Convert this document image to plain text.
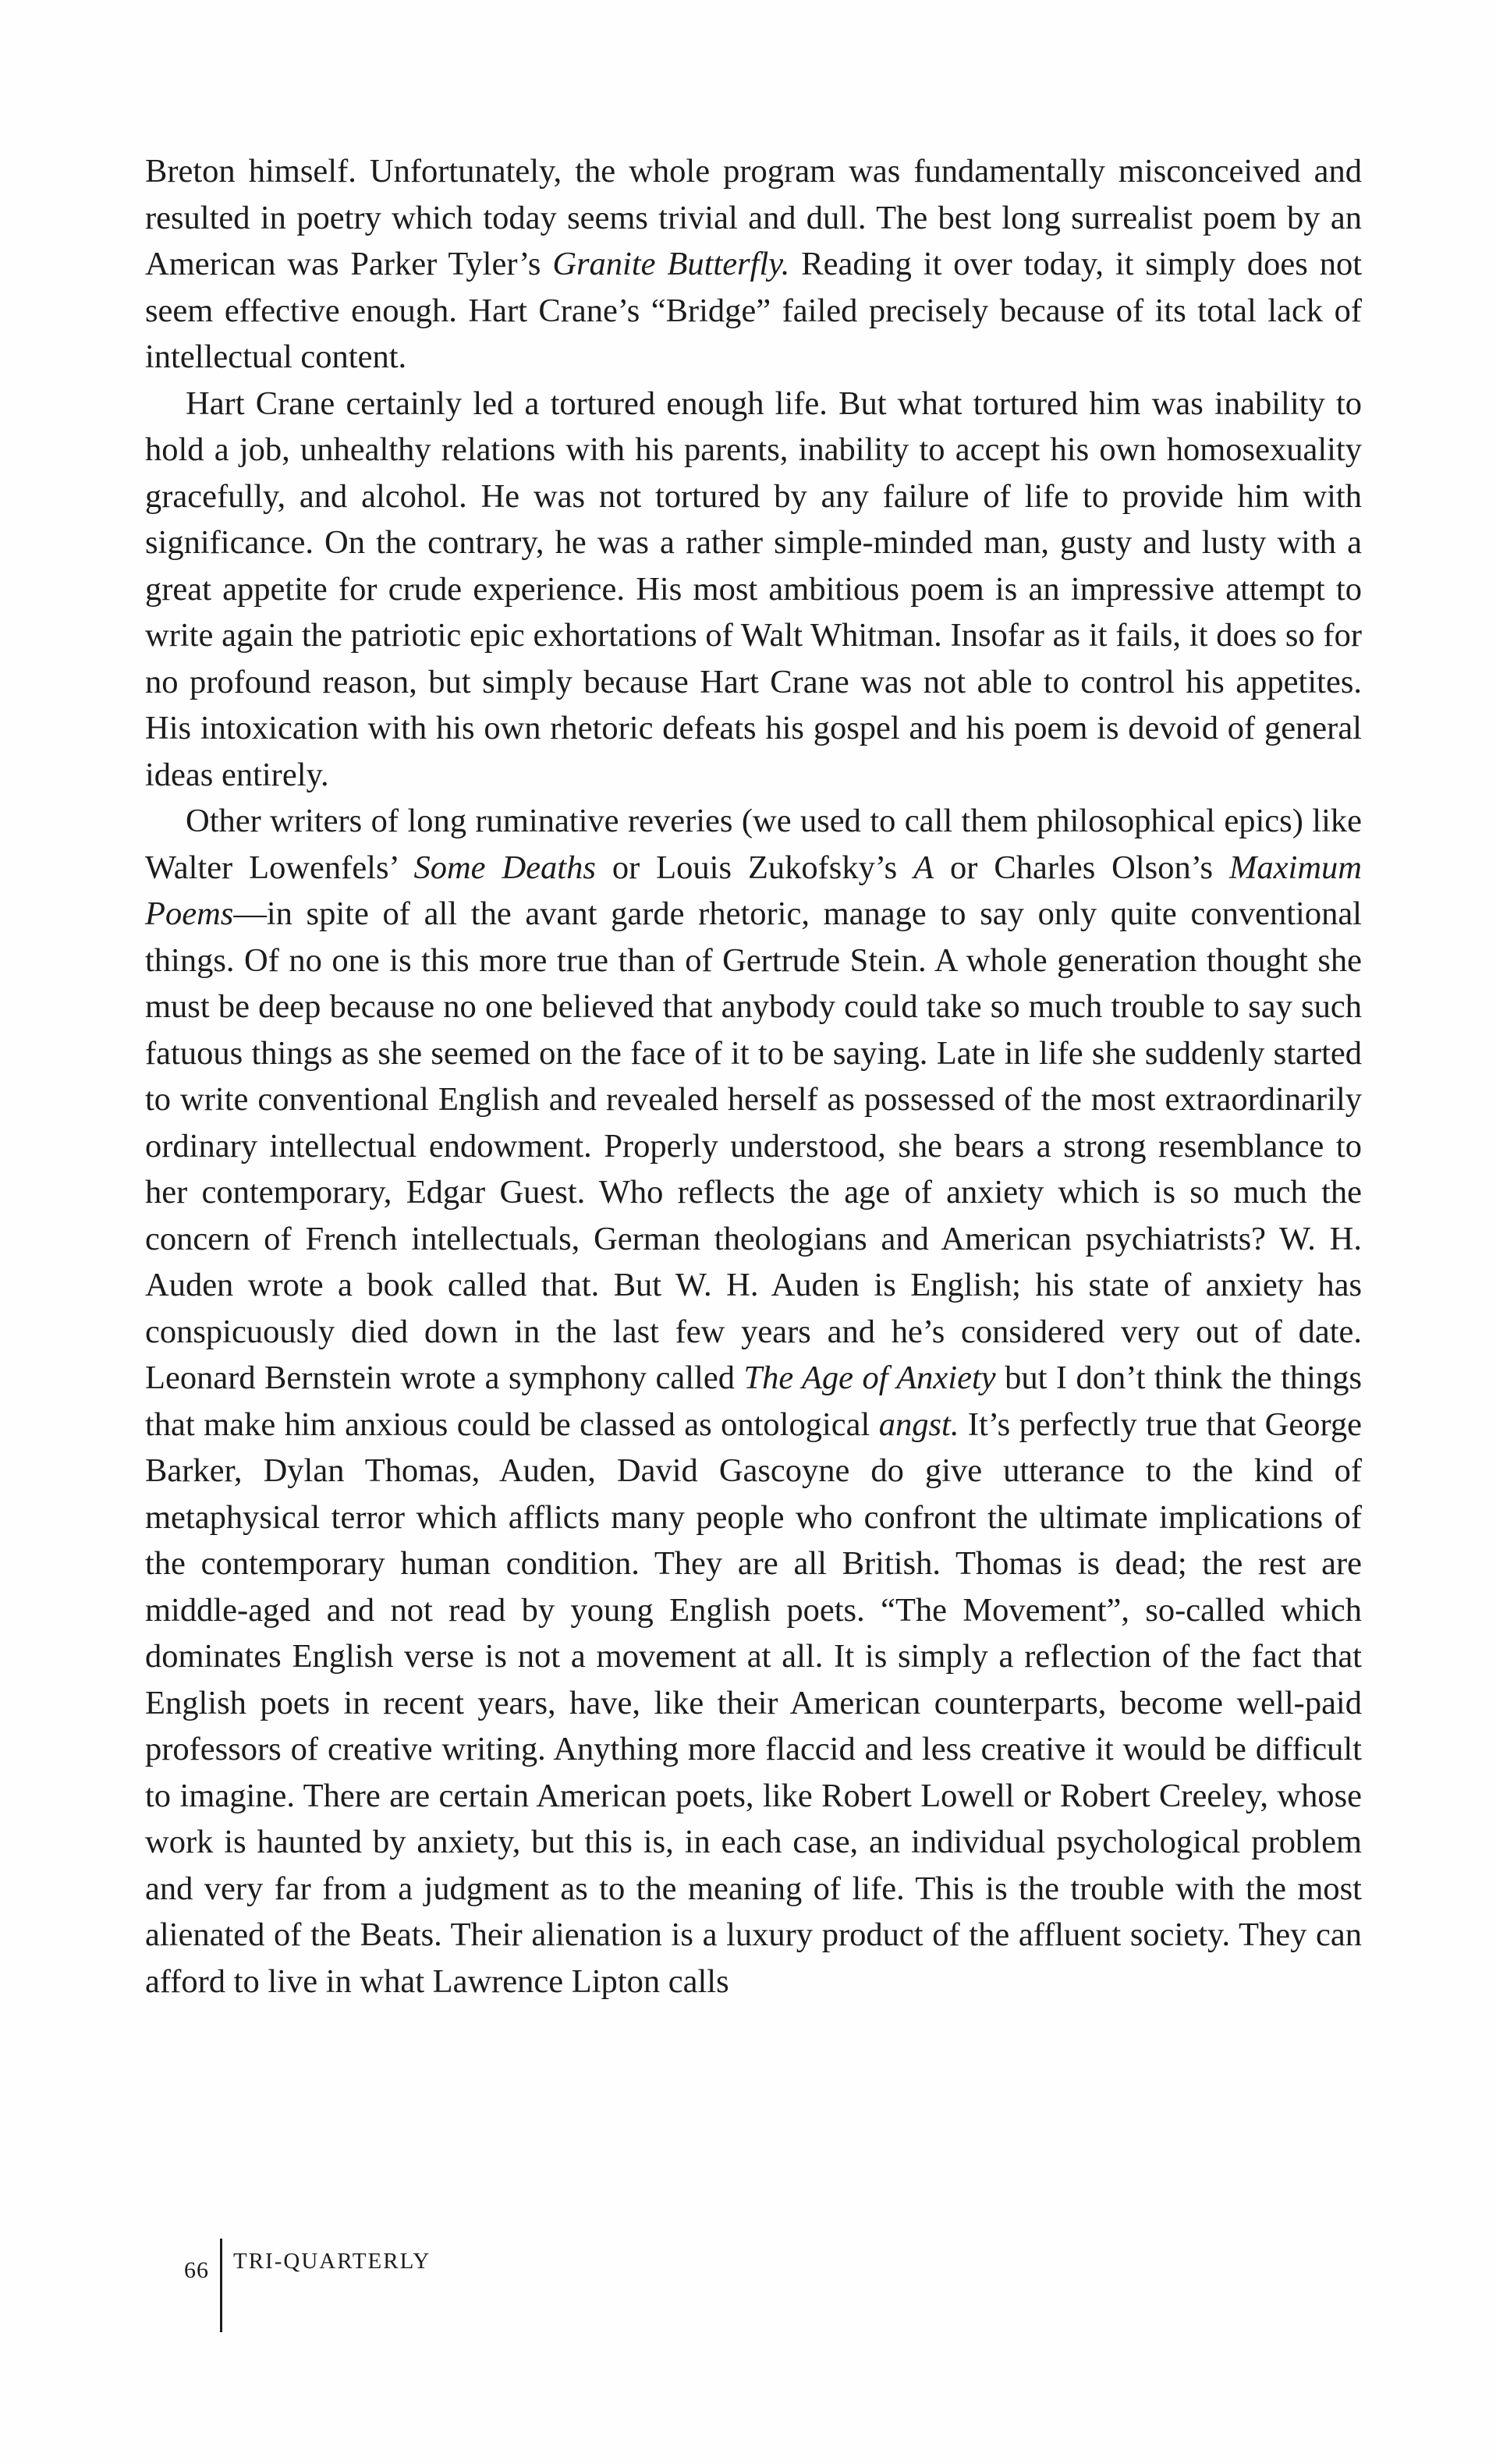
Breton himself. Unfortunately, the whole program was fundamentally misconceived and resulted in poetry which today seems trivial and dull. The best long surrealist poem by an American was Parker Tyler’s Granite Butterfly. Reading it over today, it simply does not seem effective enough. Hart Crane’s “Bridge” failed precisely because of its total lack of intellectual content.

Hart Crane certainly led a tortured enough life. But what tortured him was inability to hold a job, unhealthy relations with his parents, inability to accept his own homosexuality gracefully, and alcohol. He was not tortured by any failure of life to provide him with significance. On the contrary, he was a rather simple-minded man, gusty and lusty with a great appetite for crude experience. His most ambitious poem is an impressive attempt to write again the patriotic epic exhortations of Walt Whitman. Insofar as it fails, it does so for no profound reason, but simply because Hart Crane was not able to control his appetites. His intoxication with his own rhetoric defeats his gospel and his poem is devoid of general ideas entirely.

Other writers of long ruminative reveries (we used to call them philosophical epics) like Walter Lowenfels’ Some Deaths or Louis Zukofsky’s A or Charles Olson’s Maximum Poems—in spite of all the avant garde rhetoric, manage to say only quite conventional things. Of no one is this more true than of Gertrude Stein. A whole generation thought she must be deep because no one believed that anybody could take so much trouble to say such fatuous things as she seemed on the face of it to be saying. Late in life she suddenly started to write conventional English and revealed herself as possessed of the most extraordinarily ordinary intellectual endowment. Properly understood, she bears a strong resemblance to her contemporary, Edgar Guest. Who reflects the age of anxiety which is so much the concern of French intellectuals, German theologians and American psychiatrists? W. H. Auden wrote a book called that. But W. H. Auden is English; his state of anxiety has conspicuously died down in the last few years and he’s considered very out of date. Leonard Bernstein wrote a symphony called The Age of Anxiety but I don’t think the things that make him anxious could be classed as ontological angst. It’s perfectly true that George Barker, Dylan Thomas, Auden, David Gascoyne do give utterance to the kind of metaphysical terror which afflicts many people who confront the ultimate implications of the contemporary human condition. They are all British. Thomas is dead; the rest are middle-aged and not read by young English poets. “The Movement”, so-called which dominates English verse is not a movement at all. It is simply a reflection of the fact that English poets in recent years, have, like their American counterparts, become well-paid professors of creative writing. Anything more flaccid and less creative it would be difficult to imagine. There are certain American poets, like Robert Lowell or Robert Creeley, whose work is haunted by anxiety, but this is, in each case, an individual psychological problem and very far from a judgment as to the meaning of life. This is the trouble with the most alienated of the Beats. Their alienation is a luxury product of the affluent society. They can afford to live in what Lawrence Lipton calls

66	TRI-QUARTERLY
